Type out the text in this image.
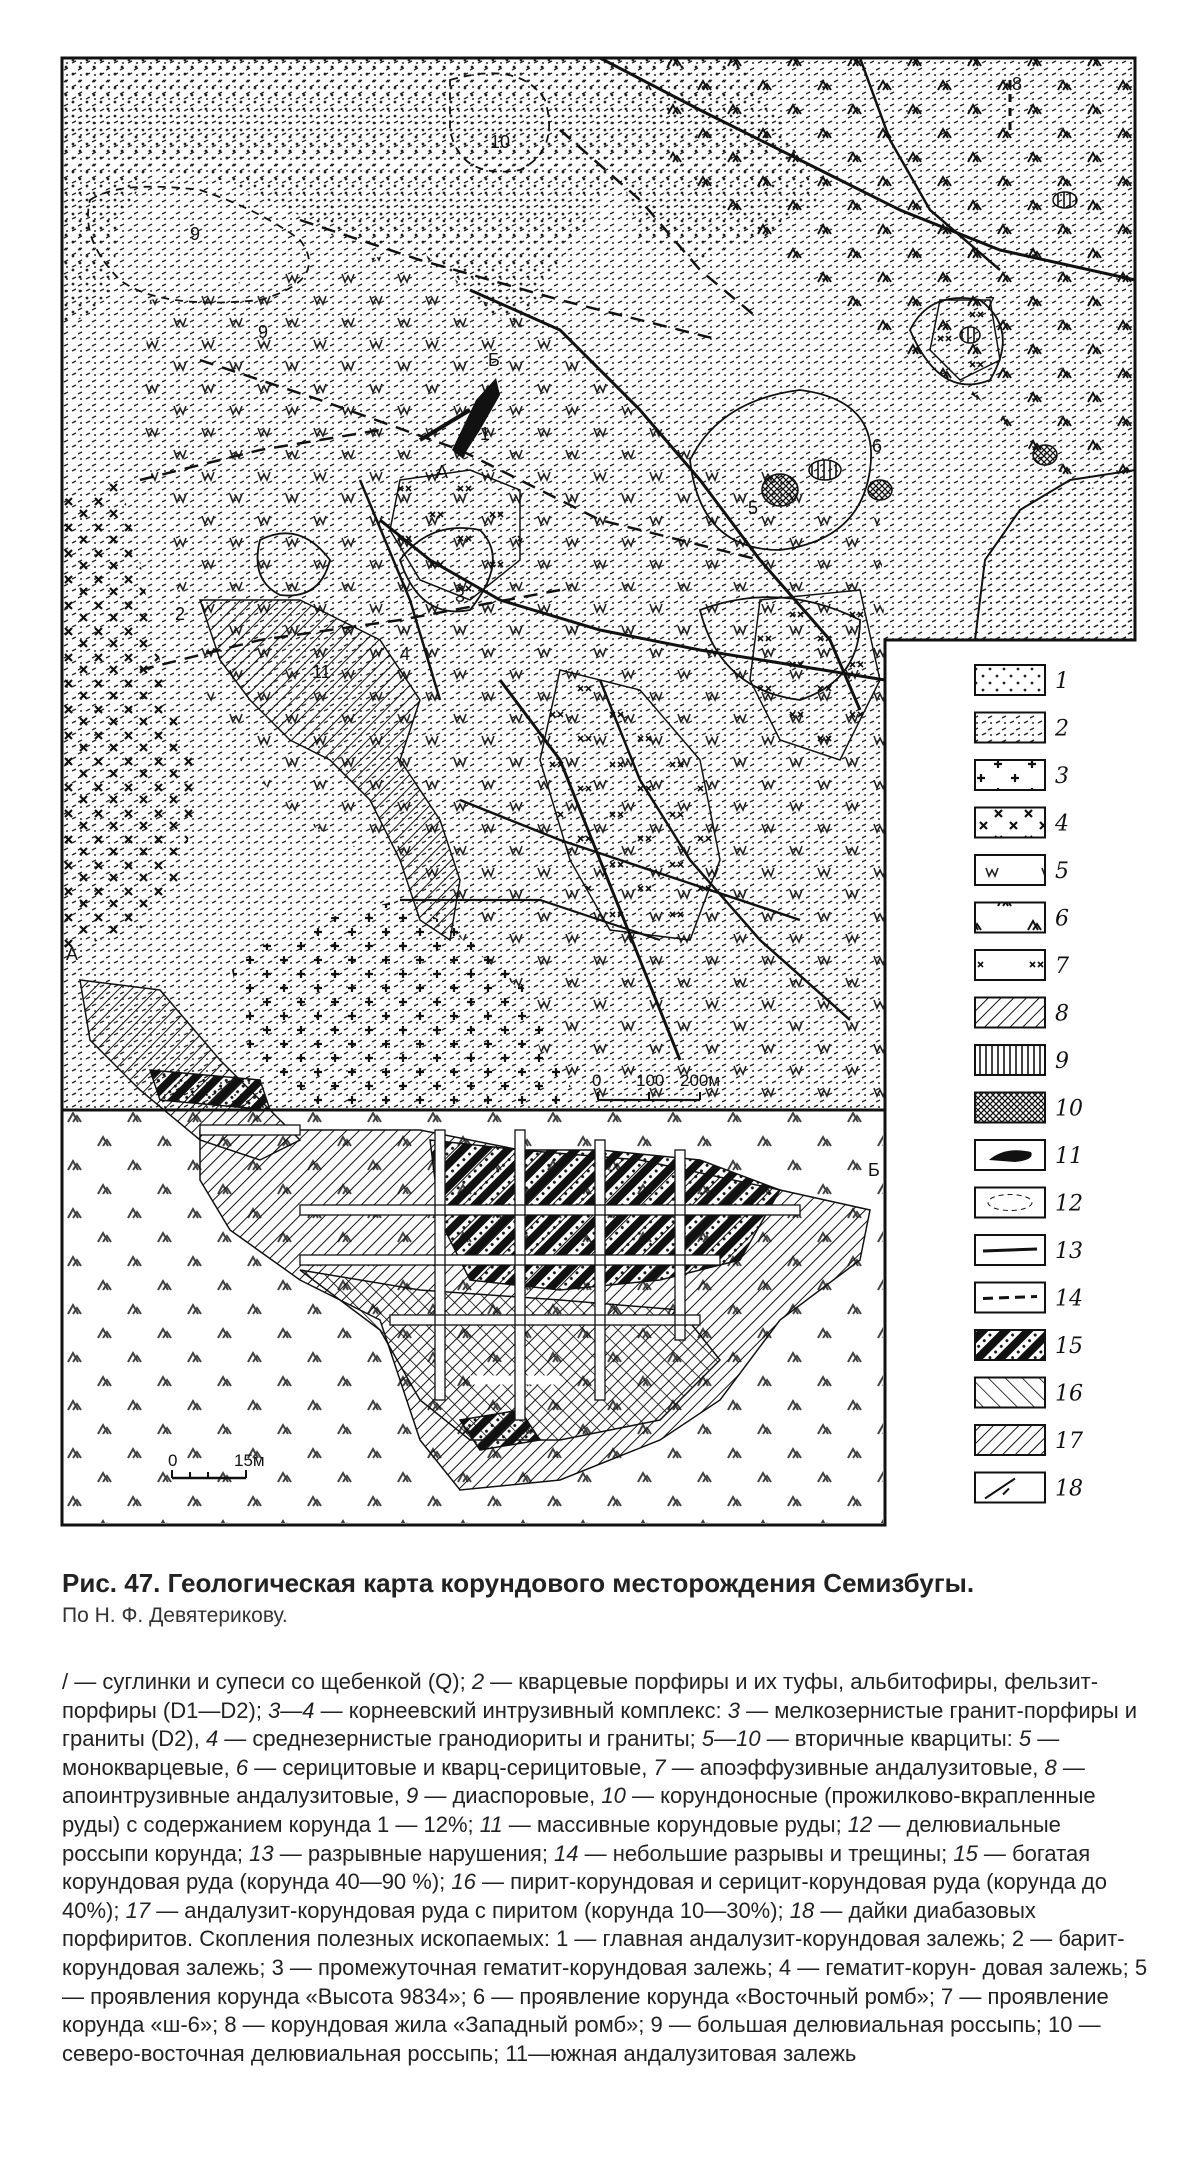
Б
А
1
2
3
4
5
6
7
8
9
9
10
11
0 100 200м
А
Б
0	15м
1
2
3
4
5
6
7
8
9
10
11
12
13
14
15
16
17
18
Рис. 47. Геологическая карта корундового месторождения Семизбугы.
По Н. Ф. Девятерикову.
/ — суглинки и супеси со щебенкой (Q); 2 — кварцевые порфиры и их туфы, альбитофиры, фельзит-порфиры (D1—D2); 3—4 — корнеевский интрузивный комплекс: 3 — мелкозернистые гранит-порфиры и граниты (D2), 4 — среднезернистые гранодиориты и граниты; 5—10 — вторичные кварциты: 5 — монокварцевые, 6 — серицитовые и кварц-серицитовые, 7 — апоэффузивные андалузитовые, 8 — апоинтрузивные андалузитовые, 9 — диаспоровые, 10 — корундоносные (прожилково-вкрапленные руды) с содержанием корунда 1 — 12%; 11 — массивные корундовые руды; 12 — делювиальные россыпи корунда; 13 — разрывные нарушения; 14 — небольшие разрывы и трещины; 15 — богатая корундовая руда (корунда 40—90 %); 16 — пирит-корундовая и серицит-корундовая руда (корунда до 40%); 17 — андалузит-корундовая руда с пиритом (корунда 10—30%); 18 — дайки диабазовых порфиритов. Скопления полезных ископаемых: 1 — главная андалузит-корундовая залежь; 2 — барит-корундовая залежь; 3 — промежуточная гематит-корундовая залежь; 4 — гематит-корун- довая залежь; 5 — проявления корунда «Высота 9834»; 6 — проявление корунда «Восточный ромб»; 7 — проявление корунда «ш-6»; 8 — корундовая жила «Западный ромб»; 9 — большая делювиальная россыпь; 10 — северо-восточная делювиальная россыпь; 11—южная андалузитовая залежь
